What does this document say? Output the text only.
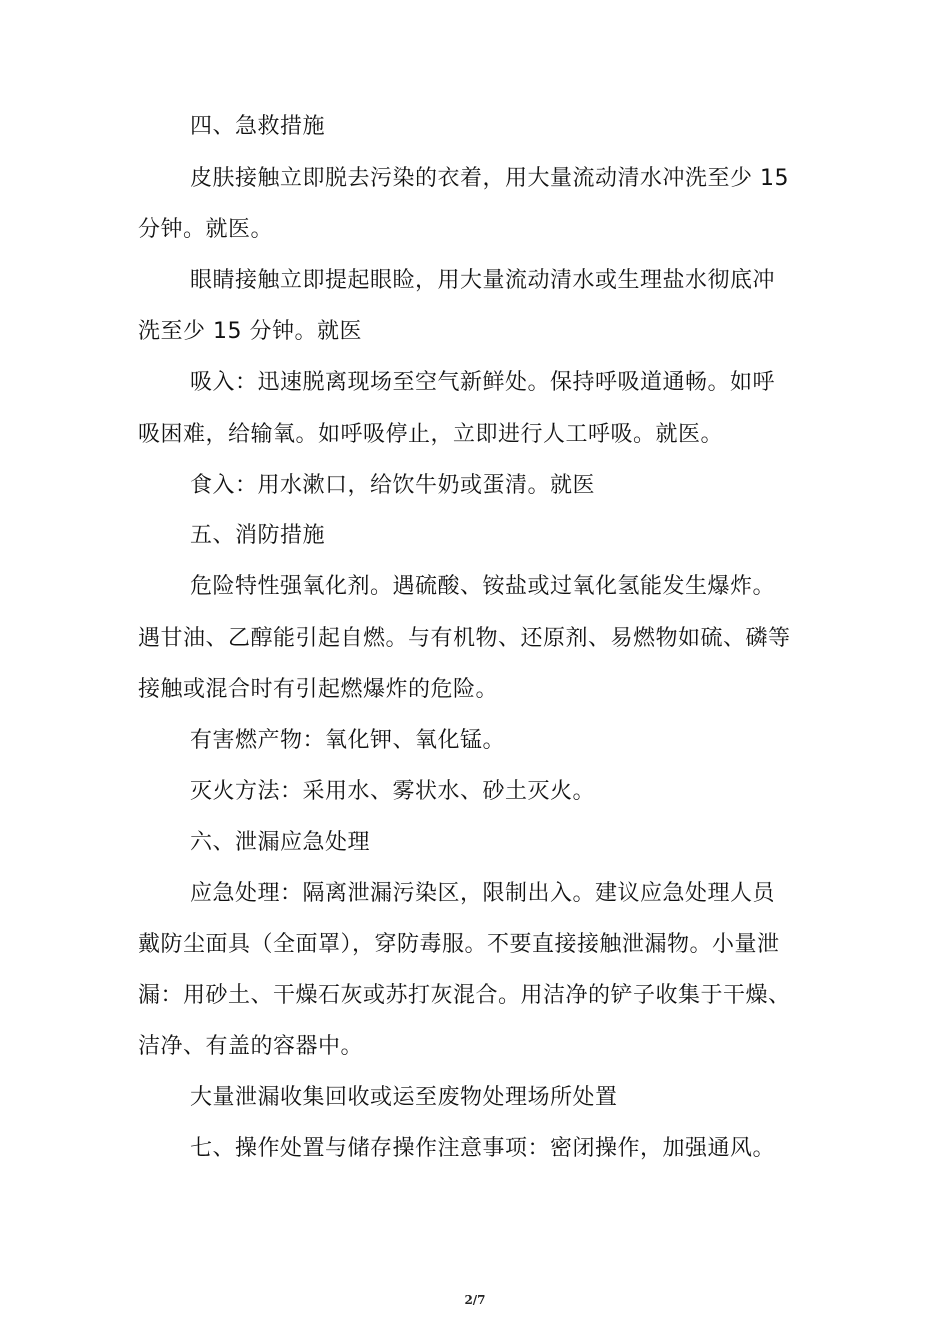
四、急救措施
皮肤接触立即脱去污染的衣着，用大量流动清水冲洗至少 15
分钟。就医。
眼睛接触立即提起眼睑，用大量流动清水或生理盐水彻底冲
洗至少 15 分钟。就医
吸入：迅速脱离现场至空气新鲜处。保持呼吸道通畅。如呼
吸困难，给输氧。如呼吸停止，立即进行人工呼吸。就医。
食入：用水漱口，给饮牛奶或蛋清。就医
五、消防措施
危险特性强氧化剂。遇硫酸、铵盐或过氧化氢能发生爆炸。
遇甘油、乙醇能引起自燃。与有机物、还原剂、易燃物如硫、磷等
接触或混合时有引起燃爆炸的危险。
有害燃产物：氧化钾、氧化锰。
灭火方法：采用水、雾状水、砂土灭火。
六、泄漏应急处理
应急处理：隔离泄漏污染区，限制出入。建议应急处理人员
戴防尘面具（全面罩），穿防毒服。不要直接接触泄漏物。小量泄
漏：用砂土、干燥石灰或苏打灰混合。用洁净的铲子收集于干燥、
洁净、有盖的容器中。
大量泄漏收集回收或运至废物处理场所处置
七、操作处置与储存操作注意事项：密闭操作，加强通风。
2/7
